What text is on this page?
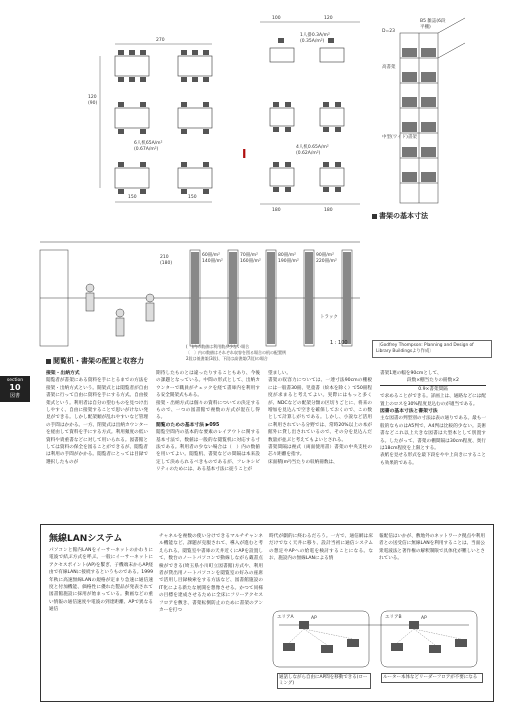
270
150	150
120
(90)
6人机65A/m²
(0.67A/m²)
1人掛0.3A/m²
(0.35A/m²)
4人机0.65A/m²
(0.62A/m²)
100	120
180	180
I
B5 雑誌(6段
平棚)
D=23
高書架
中型(ワイド)書架
書架の基本寸法
210
(180)
60冊/m²
140冊/m²
70冊/m²
160冊/m²
80冊/m²
190冊/m²
90冊/m²
220冊/m²
トラック
閲覧机・書架の配置と収容力
(　)内の数値は利用数が少ない場合
〔　〕内の数値はそれぞれ収容を図る場合の机の配置例
2段は低書架(3段)、下段は高書架(7段)の場合
1 : 100	〔Godfrey Thompson: Planning and Design of Library Buildingsより作成〕
section
10
図書
接架・出納方式
閲覧者が書架にある資料を手にとるまでの方法を接架・出納方式という。開架式とは閲覧者が自由書架に行って自由に資料を手にする方式。自由接架式という。利用者は自分の望むものを見つけ出しやすく、自由に接架することで思いがけない発見ができる。しかし配架順が乱れやすいなど管理の手間はかかる。一方、閉架式は出納カウンターを経由して資料を手にする方式。利用頻度の低い資料や貴重書などに対して用いられる。図書館としては資料の保全を図ることができるが、閲覧者は利用の手間がかかる。閲覧者にとっては目録で選択したものが
期待したものとは違ったりすることもあり、今後の課題となっている。中間の形式として、出納カウンターで職員がチェックを経て書庫内を利用する安全開架式もある。
接架・出納方式は個々の資料についての決定するもので、一つの図書館で複数の方式が混在し得る。
閲覧のための基本寸法 ▶095
閲覧空間内の基本的な要素のレイアウトに関する基本寸法で、数値は一般的な閲覧机に対応する寸法である。利用者の少ない場合は（　）内の数値を用いてよい。閲覧机、書架などの間隔は本来設定して決められるべきものであるが、フレキシビリティのためには、ある基本寸法に従うことが
望ましい。
書架の収容力については、一連寸法90cmの棚板には一般書30冊、児童書（絵本を除く）で50冊程度が求まると考えてよい。実際にはもっと多くが、NDCなどの配架分類の区切りごとに、将来の増加を見込んで空きを確保しておくので、この数として計算しがちである。しかし、小説など活用に利用されている分野では、常時20%以上の本が館外に貸し出されているので、その分を見込んだ数量が並ぶと考えてもよいとされる。
書架間隔は複式（両面使用書）書架の中央支柱の芯々距離を指す。
床面積(m²)当たりの収納冊数は、
書架1連の幅を90cmとして、
段数×棚当たりの冊数×2
0.9×書架間隔
で求めることができる。詳画上は、通路などには配置上のロスを30%程度見込むのが適当である。
図書の基本寸法と書架寸法
主な図書の判型別の寸法は表の通りである。最も一般的なものはA5判で、A4判は比較的少ない。美術書などこれ以上大きな図書は大型本として別置する。したがって、書架の棚間隔は30cm程度、奥行は18cm程度を上限とする。
表紙を見せる形式を最下段をやや上向きにすることも効果的である。
無線LANシステム
パソコンと館内LANをイーサーネットのかわりに電波で結ぶ方式を呼ぶ。一般にイーサーネットにアクセスポイント(AP)を繋ぎ、子機端末からAP経由で有線LANに接続するというものである。1999年秋に高速無線LANの規格が定まり急速に通信速度と付加機能、価格性に優れた製品が発表されて図書館施設に採用が始まっている。動画などの重い情報の通信速度や電波の到達距離、APで異なる通信
チャネルを複数の使い分けできるマルチチャンネル機能など、課題が克服されて、導入が進むと考えられる。閲覧室や書庫の天井近くにAPを設置して、数台のノートパソコンで動線しながら蔵書点検ができる(埼玉県小川町立図書館)方式や、利用者が貸出用ノートパソコンを閲覧室の好みの座席で活用し目録検索をする方法など、図書館施設のIT化による新たな展開を想像させる。かつて同様の目標を達成させるために全床にフリーアクセスフロアを敷き、書架転倒防止のために書架のアンカーを打つ
時代が劇的に終わるだろう。一方で、通信網は床だけでなく天井に移り、設計当初に通信システムの想定やAPへの給電を検討することになる。なお、施設内の無線LANによる情
報配信はいかが、敷地外のネットワーク拠点や利用者との送受信に無線LANを利用することは、当面公衆電波法と著作権の解釈制限で具体化が難しいとされている。
エリアA	エリアB
AP	AP
通話しながら自由にAP間を移動できる(ローミング)
ルーター本体などリーダーフロアが不要になる
